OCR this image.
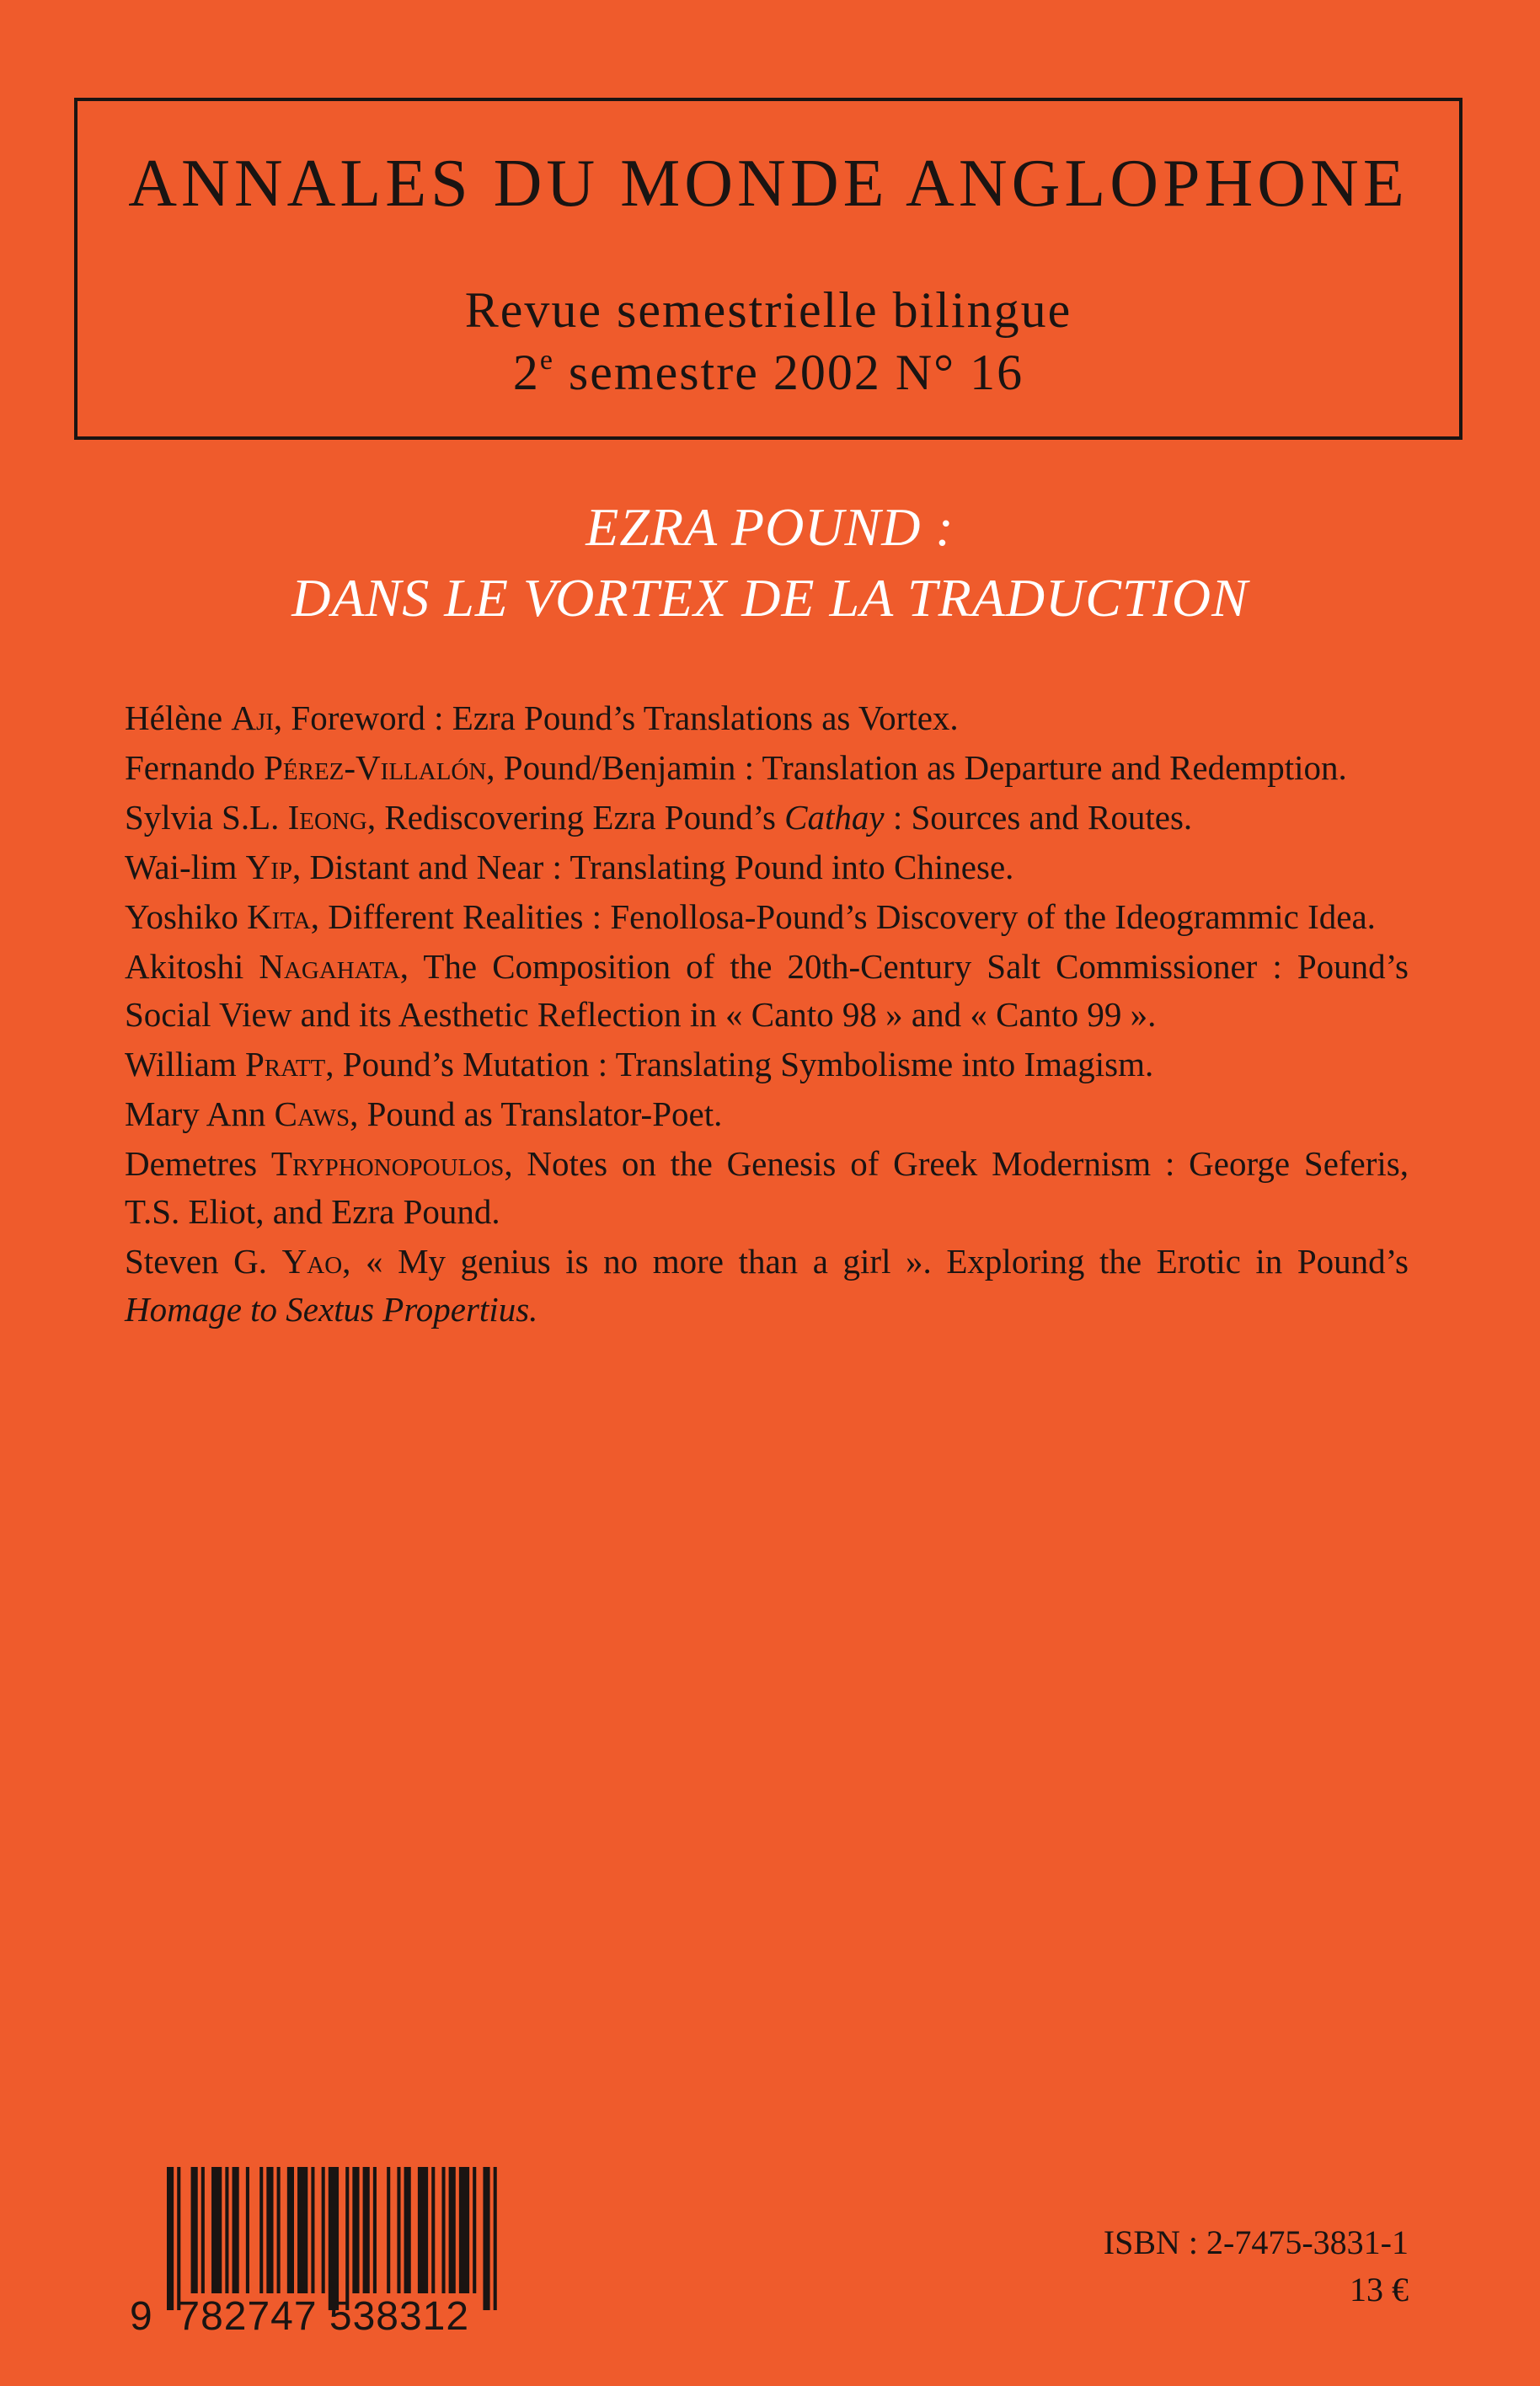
ANNALES DU MONDE ANGLOPHONE
Revue semestrielle bilingue
2e semestre 2002 N° 16
EZRA POUND :
DANS LE VORTEX DE LA TRADUCTION
Hélène Aji, Foreword : Ezra Pound’s Translations as Vortex.
Fernando Pérez-Villalón, Pound/Benjamin : Translation as Departure and Redemption.
Sylvia S.L. Ieong, Rediscovering Ezra Pound’s Cathay : Sources and Routes.
Wai-lim Yip, Distant and Near : Translating Pound into Chinese.
Yoshiko Kita, Different Realities : Fenollosa-Pound’s Discovery of the Ideogrammic Idea.
Akitoshi Nagahata, The Composition of the 20th-Century Salt Commissioner : Pound’s Social View and its Aesthetic Reflection in « Canto 98 » and « Canto 99 ».
William Pratt, Pound’s Mutation : Translating Symbolisme into Imagism.
Mary Ann Caws, Pound as Translator-Poet.
Demetres Tryphonopoulos, Notes on the Genesis of Greek Modernism : George Seferis, T.S. Eliot, and Ezra Pound.
Steven G. Yao, « My genius is no more than a girl ». Exploring the Erotic in Pound’s Homage to Sextus Propertius.
9 782747 538312
ISBN : 2-7475-3831-1
13 €
